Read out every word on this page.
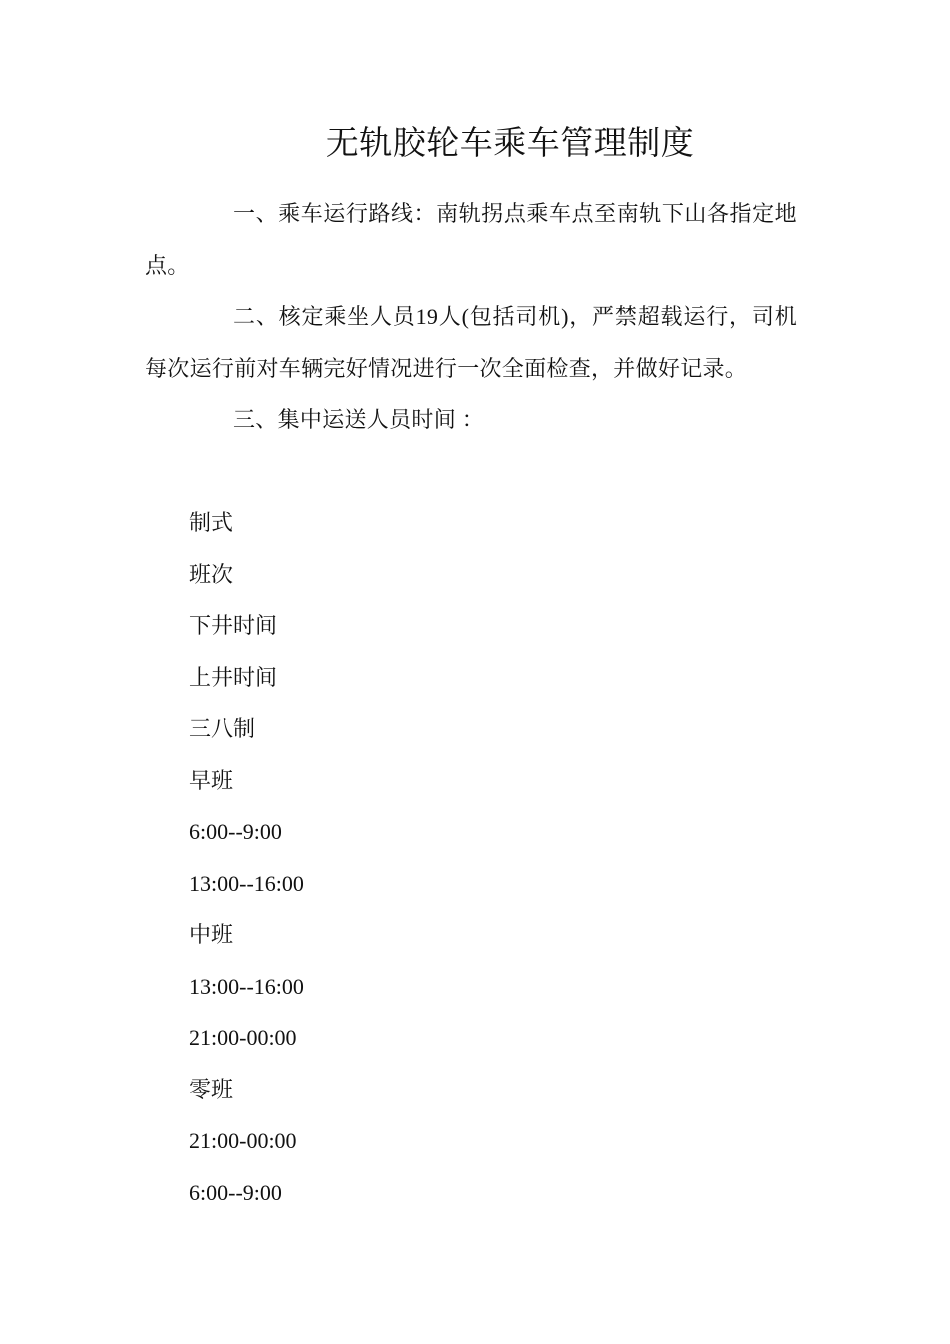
无轨胶轮车乘车管理制度

一、乘车运行路线：南轨拐点乘车点至南轨下山各指定地点。

二、核定乘坐人员19人(包括司机)，严禁超载运行，司机每次运行前对车辆完好情况进行一次全面检查，并做好记录。

三、集中运送人员时间 ：

制式
班次
下井时间
上井时间
三八制
早班
6:00--9:00
13:00--16:00
中班
13:00--16:00
21:00-00:00
零班
21:00-00:00
6:00--9:00
